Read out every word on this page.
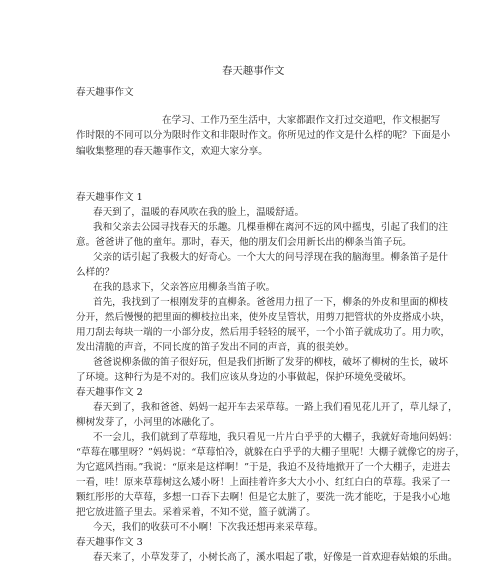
春天趣事作文

春天趣事作文

在学习、工作乃至生活中，大家都跟作文打过交道吧，作文根据写

作时限的不同可以分为限时作文和非限时作文。你所见过的作文是什么样的呢？下面是小

编收集整理的春天趣事作文，欢迎大家分享。

春天趣事作文 1

春天到了，温暖的春风吹在我的脸上，温暖舒适。

我和父亲去公园寻找春天的乐趣。几棵垂柳在离河不远的风中摇曳，引起了我们的注

意。爸爸讲了他的童年。那时，春天，他的朋友们会用新长出的柳条当笛子玩。

父亲的话引起了我极大的好奇心。一个大大的问号浮现在我的脑海里。柳条笛子是什

么样的？

在我的恳求下，父亲答应用柳条当笛子吹。

首先，我找到了一根刚发芽的直柳条。爸爸用力扭了一下，柳条的外皮和里面的柳枝

分开，然后慢慢的把里面的柳枝拉出来，使外皮呈管状，用剪刀把管状的外皮搭成小块，

用刀刮去每块一端的一小部分皮，然后用手轻轻的展平，一个小笛子就成功了。用力吹，

发出清脆的声音，不同长度的笛子发出不同的声音，真的很美妙。

爸爸说柳条做的笛子很好玩，但是我们折断了发芽的柳枝，破坏了柳树的生长，破坏

了环境。这种行为是不对的。我们应该从身边的小事做起，保护环境免受破坏。

春天趣事作文 2

春天到了，我和爸爸、妈妈一起开车去采草莓。一路上我们看见花儿开了，草儿绿了，

柳树发芽了，小河里的冰融化了。

不一会儿，我们就到了草莓地，我只看见一片片白乎乎的大棚子，我就好奇地问妈妈：

“草莓在哪里呀？”妈妈说：“草莓怕冷，就躲在白乎乎的大棚子里呢！大棚子就像它的房子，

为它遮风挡雨。”我说：“原来是这样啊！”于是，我迫不及待地掀开了一个大棚子，走进去

一看，哇！原来草莓树这么矮小呀！上面挂着许多大大小小、红红白白的草莓。我采了一

颗红彤彤的大草莓，多想一口吞下去啊！但是它太脏了，要洗一洗才能吃，于是我小心地

把它放进篮子里去。采着采着，不知不觉，篮子就满了。

今天，我们的收获可不小啊！下次我还想再来采草莓。

春天趣事作文 3

春天来了，小草发芽了，小树长高了，溪水唱起了歌，好像是一首欢迎春姑娘的乐曲。
